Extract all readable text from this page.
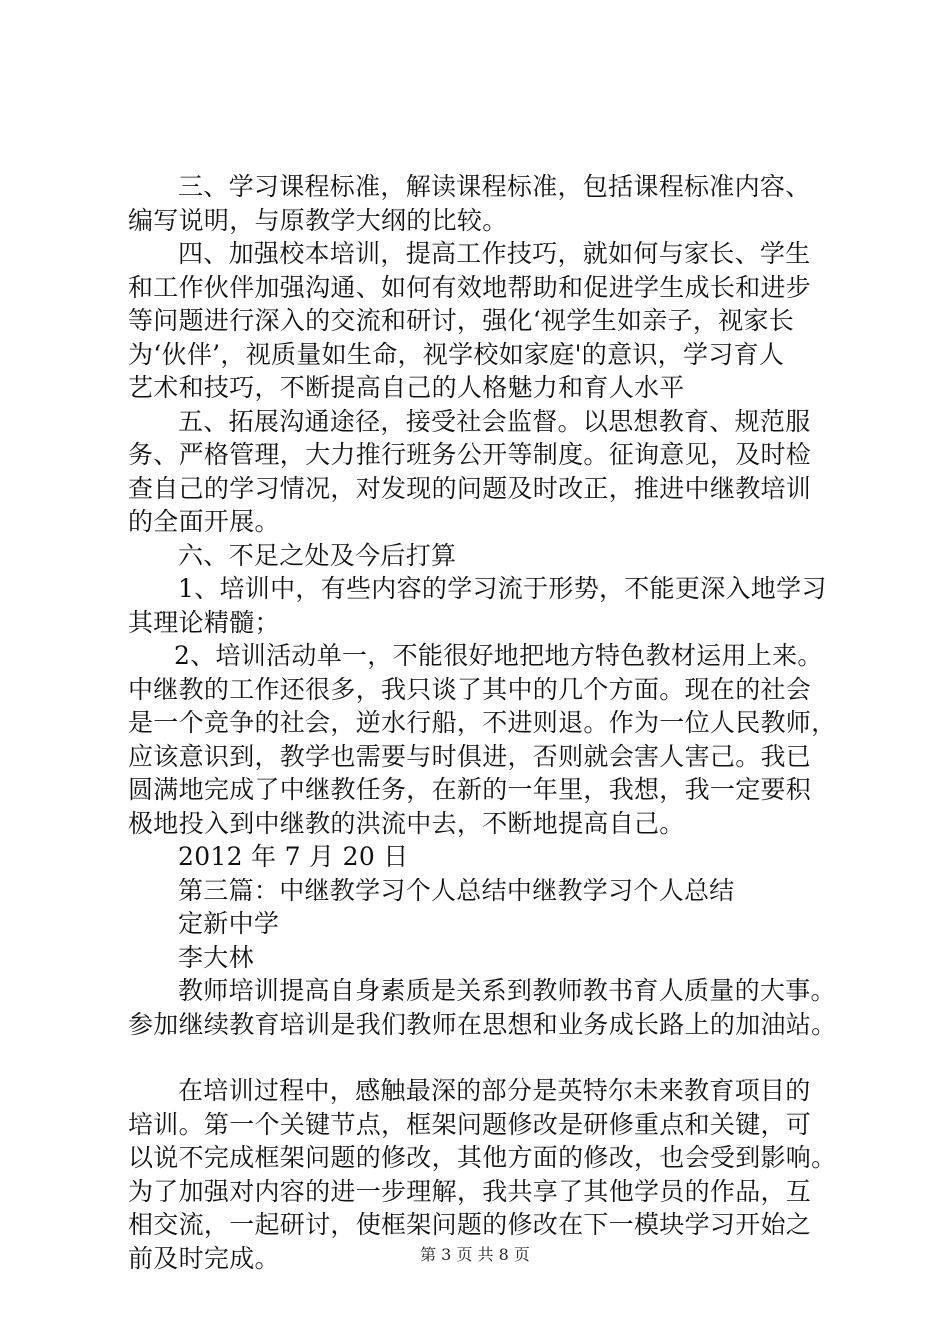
三、学习课程标准，解读课程标准，包括课程标准内容、
编写说明，与原教学大纲的比较。
四、加强校本培训，提高工作技巧，就如何与家长、学生
和工作伙伴加强沟通、如何有效地帮助和促进学生成长和进步
等问题进行深入的交流和研讨，强化‘视学生如亲子，视家长
为‘伙伴’，视质量如生命，视学校如家庭'的意识，学习育人
艺术和技巧，不断提高自己的人格魅力和育人水平
五、拓展沟通途径，接受社会监督。以思想教育、规范服
务、严格管理，大力推行班务公开等制度。征询意见，及时检
查自己的学习情况，对发现的问题及时改正，推进中继教培训
的全面开展。
六、不足之处及今后打算
1、培训中，有些内容的学习流于形势，不能更深入地学习
其理论精髓；
2、培训活动单一，不能很好地把地方特色教材运用上来。
中继教的工作还很多，我只谈了其中的几个方面。现在的社会
是一个竞争的社会，逆水行船，不进则退。作为一位人民教师，
应该意识到，教学也需要与时俱进，否则就会害人害己。我已
圆满地完成了中继教任务，在新的一年里，我想，我一定要积
极地投入到中继教的洪流中去，不断地提高自己。
2012 年 7 月 20 日
第三篇：中继教学习个人总结中继教学习个人总结
定新中学
李大林
教师培训提高自身素质是关系到教师教书育人质量的大事。
参加继续教育培训是我们教师在思想和业务成长路上的加油站。
在培训过程中，感触最深的部分是英特尔未来教育项目的
培训。第一个关键节点，框架问题修改是研修重点和关键，可
以说不完成框架问题的修改，其他方面的修改，也会受到影响。
为了加强对内容的进一步理解，我共享了其他学员的作品，互
相交流，一起研讨，使框架问题的修改在下一模块学习开始之
前及时完成。	第 3 页 共 8 页
